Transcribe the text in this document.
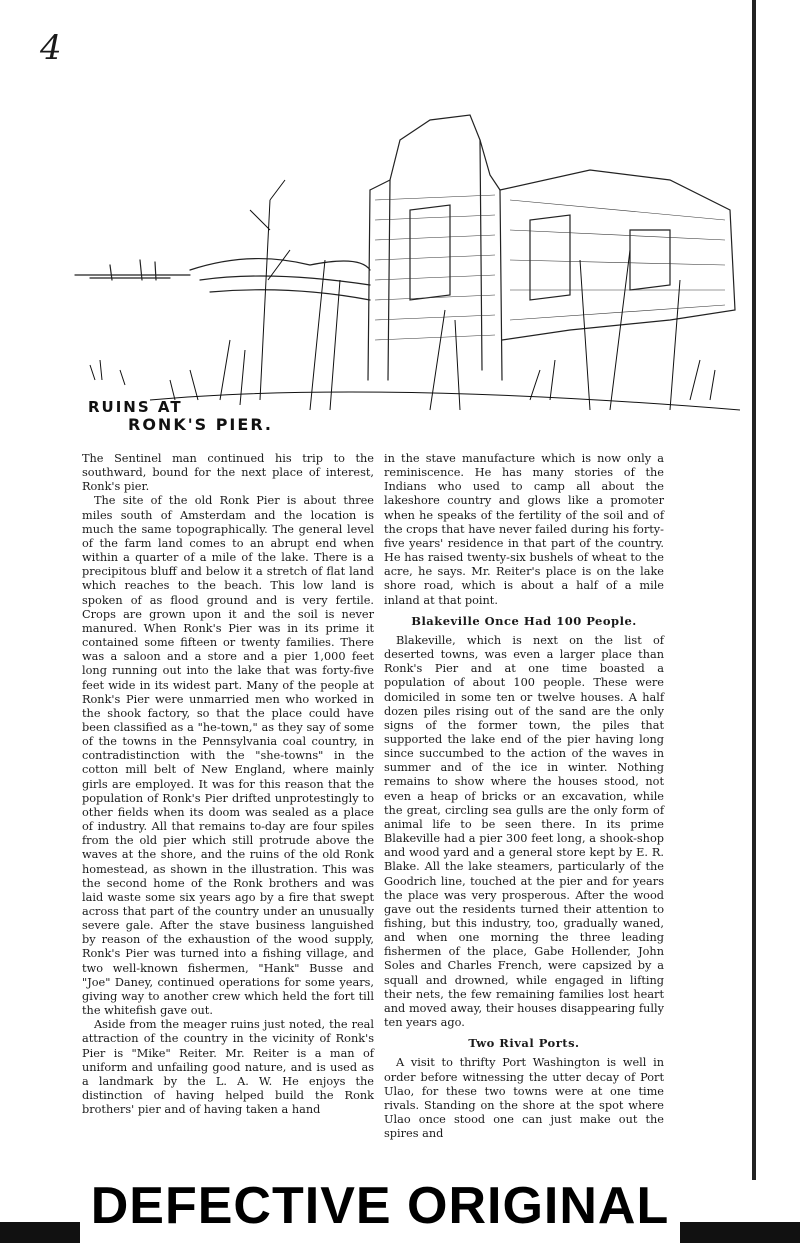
4
RUINS AT
RONK'S PIER.

The Sentinel man continued his trip to the southward, bound for the next place of interest, Ronk's pier.

The site of the old Ronk Pier is about three miles south of Amsterdam and the location is much the same topographically. The general level of the farm land comes to an abrupt end when within a quarter of a mile of the lake. There is a precipitous bluff and below it a stretch of flat land which reaches to the beach. This low land is spoken of as flood ground and is very fertile. Crops are grown upon it and the soil is never manured. When Ronk's Pier was in its prime it contained some fifteen or twenty families. There was a saloon and a store and a pier 1,000 feet long running out into the lake that was forty-five feet wide in its widest part. Many of the people at Ronk's Pier were unmarried men who worked in the shook factory, so that the place could have been classified as a "he-town," as they say of some of the towns in the Pennsylvania coal country, in contradistinction with the "she-towns" in the cotton mill belt of New England, where mainly girls are employed. It was for this reason that the population of Ronk's Pier drifted unprotestingly to other fields when its doom was sealed as a place of industry. All that remains to-day are four spiles from the old pier which still protrude above the waves at the shore, and the ruins of the old Ronk homestead, as shown in the illustration. This was the second home of the Ronk brothers and was laid waste some six years ago by a fire that swept across that part of the country under an unusually severe gale. After the stave business languished by reason of the exhaustion of the wood supply, Ronk's Pier was turned into a fishing village, and two well-known fishermen, "Hank" Busse and "Joe" Daney, continued operations for some years, giving way to another crew which held the fort till the whitefish gave out.

Aside from the meager ruins just noted, the real attraction of the country in the vicinity of Ronk's Pier is "Mike" Reiter. Mr. Reiter is a man of uniform and unfailing good nature, and is used as a landmark by the L. A. W. He enjoys the distinction of having helped build the Ronk brothers' pier and of having taken a hand

in the stave manufacture which is now only a reminiscence. He has many stories of the Indians who used to camp all about the lakeshore country and glows like a promoter when he speaks of the fertility of the soil and of the crops that have never failed during his forty-five years' residence in that part of the country. He has raised twenty-six bushels of wheat to the acre, he says. Mr. Reiter's place is on the lake shore road, which is about a half of a mile inland at that point.

Blakeville Once Had 100 People.

Blakeville, which is next on the list of deserted towns, was even a larger place than Ronk's Pier and at one time boasted a population of about 100 people. These were domiciled in some ten or twelve houses. A half dozen piles rising out of the sand are the only signs of the former town, the piles that supported the lake end of the pier having long since succumbed to the action of the waves in summer and of the ice in winter. Nothing remains to show where the houses stood, not even a heap of bricks or an excavation, while the great, circling sea gulls are the only form of animal life to be seen there. In its prime Blakeville had a pier 300 feet long, a shook-shop and wood yard and a general store kept by E. R. Blake. All the lake steamers, particularly of the Goodrich line, touched at the pier and for years the place was very prosperous. After the wood gave out the residents turned their attention to fishing, but this industry, too, gradually waned, and when one morning the three leading fishermen of the place, Gabe Hollender, John Soles and Charles French, were capsized by a squall and drowned, while engaged in lifting their nets, the few remaining families lost heart and moved away, their houses disappearing fully ten years ago.

Two Rival Ports.

A visit to thrifty Port Washington is well in order before witnessing the utter decay of Port Ulao, for these two towns were at one time rivals. Standing on the shore at the spot where Ulao once stood one can just make out the spires and

DEFECTIVE ORIGINAL
